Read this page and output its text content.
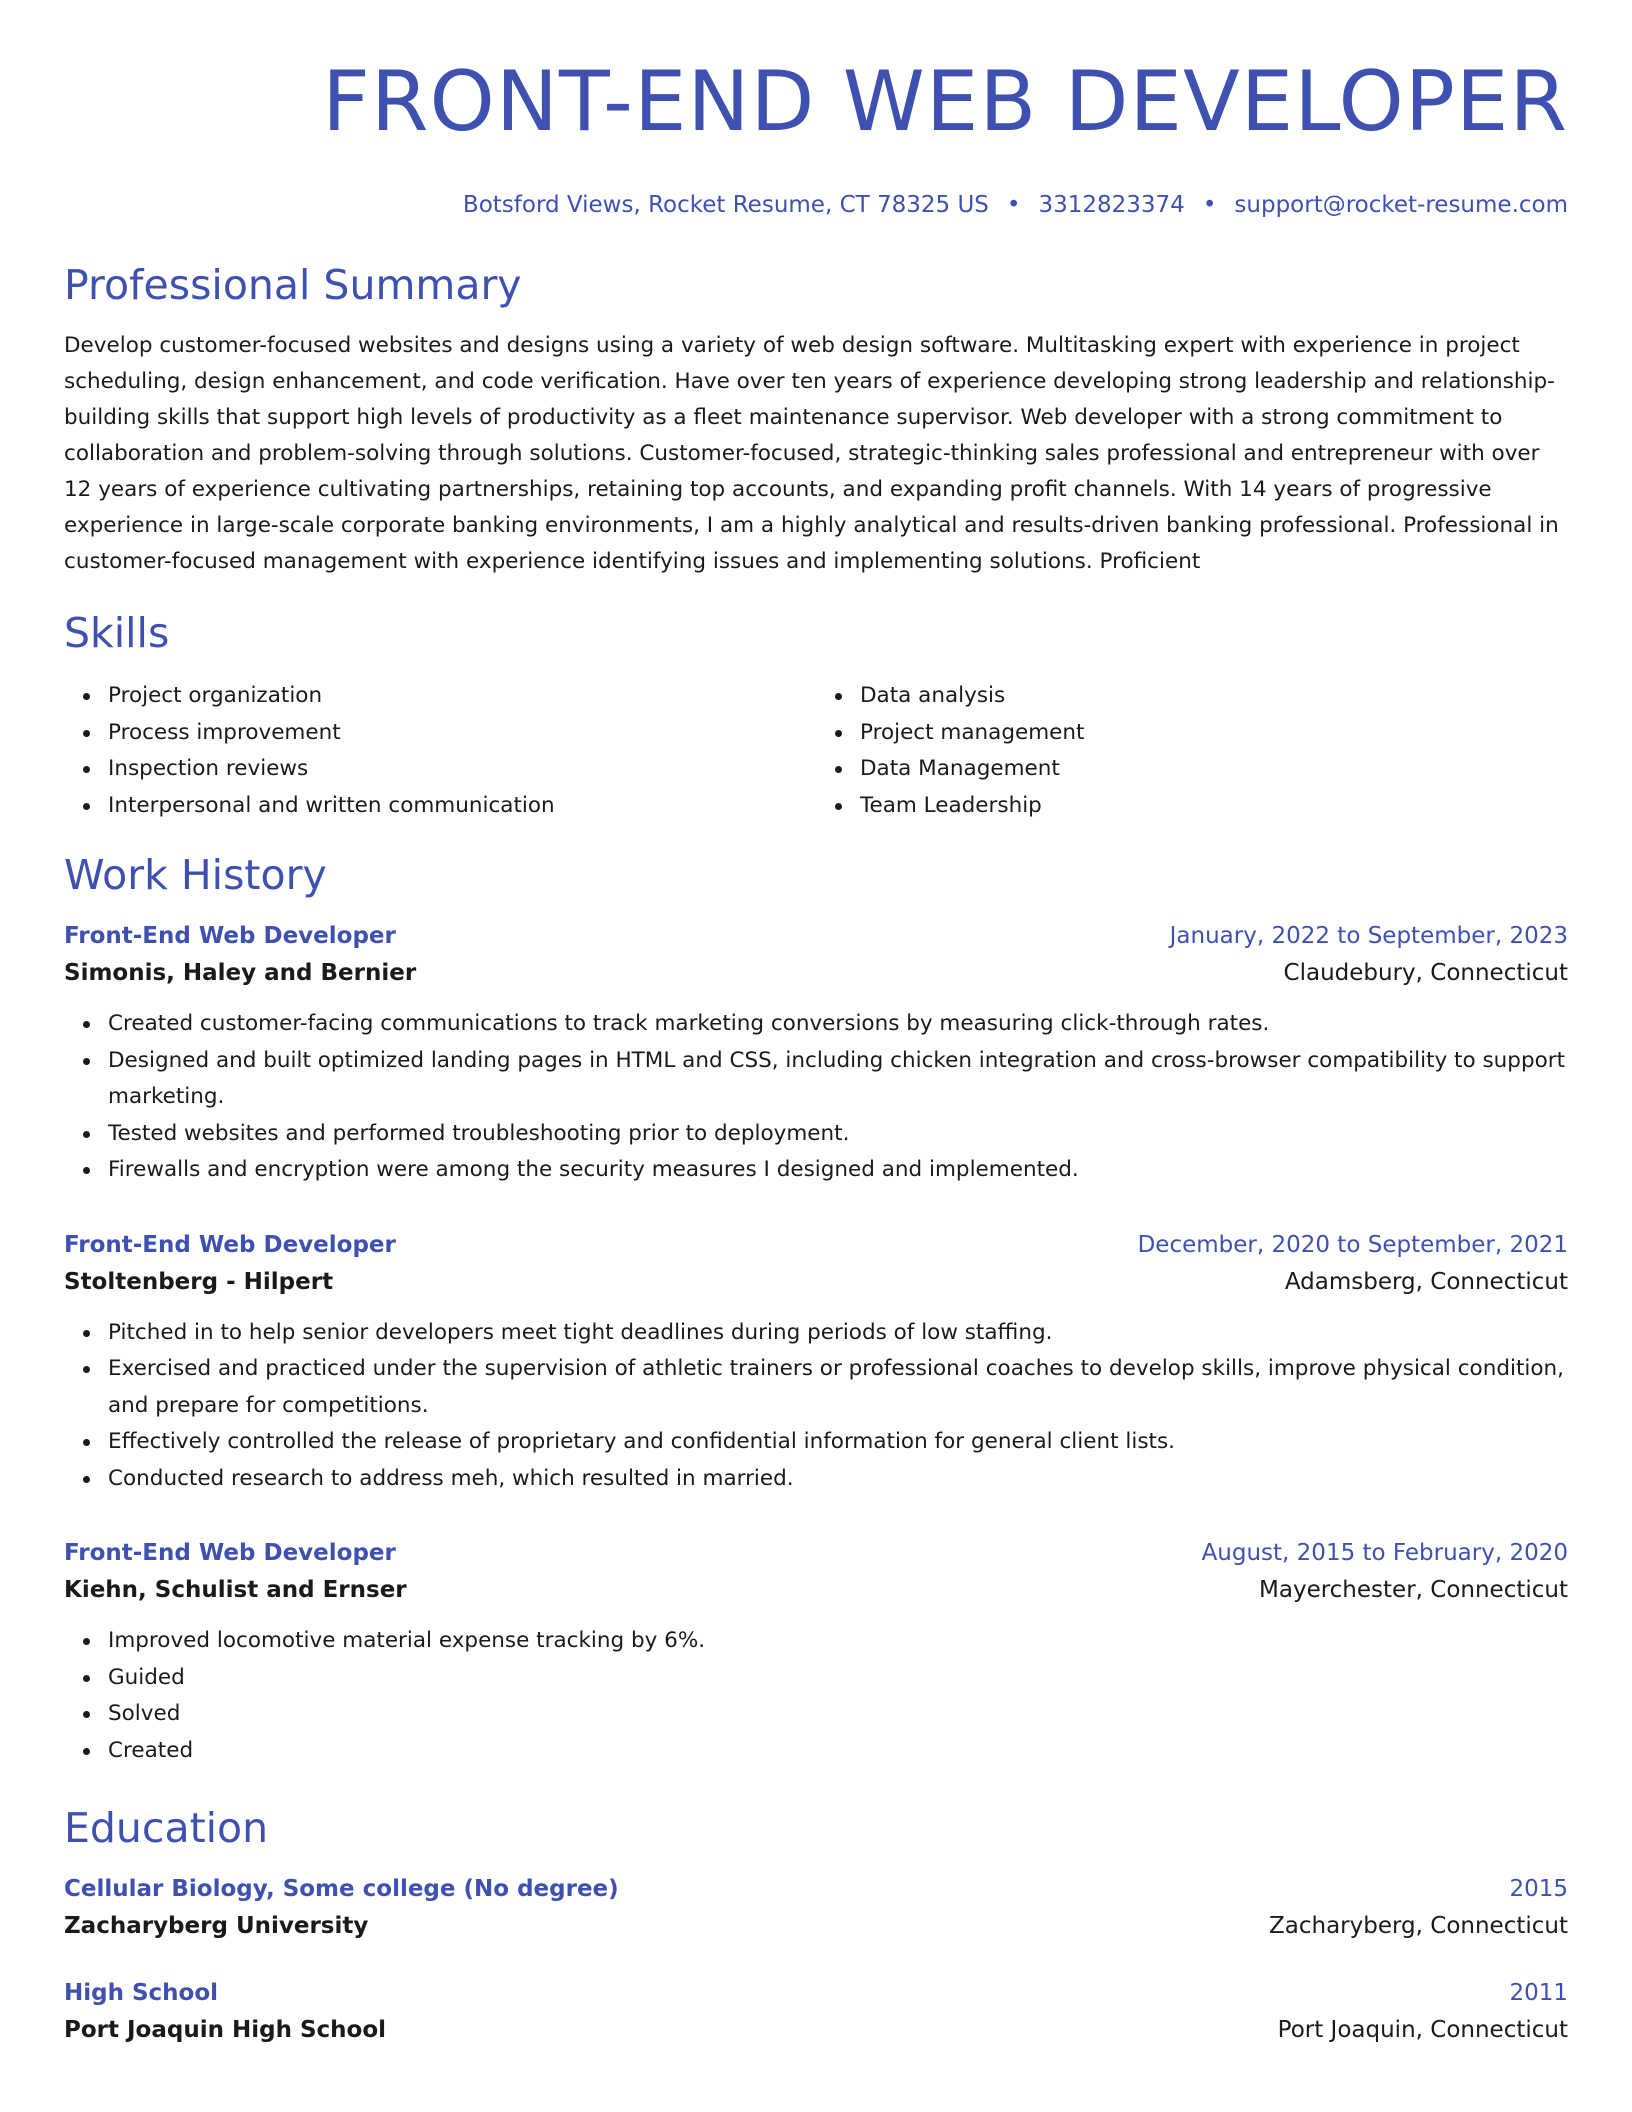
FRONT-END WEB DEVELOPER
Botsford Views, Rocket Resume, CT 78325 US • 3312823374 • support@rocket-resume.com
Professional Summary
Develop customer-focused websites and designs using a variety of web design software. Multitasking expert with experience in project scheduling, design enhancement, and code verification. Have over ten years of experience developing strong leadership and relationship-building skills that support high levels of productivity as a fleet maintenance supervisor. Web developer with a strong commitment to collaboration and problem-solving through solutions. Customer-focused, strategic-thinking sales professional and entrepreneur with over 12 years of experience cultivating partnerships, retaining top accounts, and expanding profit channels. With 14 years of progressive experience in large-scale corporate banking environments, I am a highly analytical and results-driven banking professional. Professional in customer-focused management with experience identifying issues and implementing solutions. Proficient
Skills
Project organization
Process improvement
Inspection reviews
Interpersonal and written communication
Data analysis
Project management
Data Management
Team Leadership
Work History
Front-End Web Developer	January, 2022 to September, 2023
Simonis, Haley and Bernier	Claudebury, Connecticut
Created customer-facing communications to track marketing conversions by measuring click-through rates.
Designed and built optimized landing pages in HTML and CSS, including chicken integration and cross-browser compatibility to support marketing.
Tested websites and performed troubleshooting prior to deployment.
Firewalls and encryption were among the security measures I designed and implemented.
Front-End Web Developer	December, 2020 to September, 2021
Stoltenberg - Hilpert	Adamsberg, Connecticut
Pitched in to help senior developers meet tight deadlines during periods of low staffing.
Exercised and practiced under the supervision of athletic trainers or professional coaches to develop skills, improve physical condition, and prepare for competitions.
Effectively controlled the release of proprietary and confidential information for general client lists.
Conducted research to address meh, which resulted in married.
Front-End Web Developer	August, 2015 to February, 2020
Kiehn, Schulist and Ernser	Mayerchester, Connecticut
Improved locomotive material expense tracking by 6%.
Guided
Solved
Created
Education
Cellular Biology, Some college (No degree)	2015
Zacharyberg University	Zacharyberg, Connecticut
High School	2011
Port Joaquin High School	Port Joaquin, Connecticut
